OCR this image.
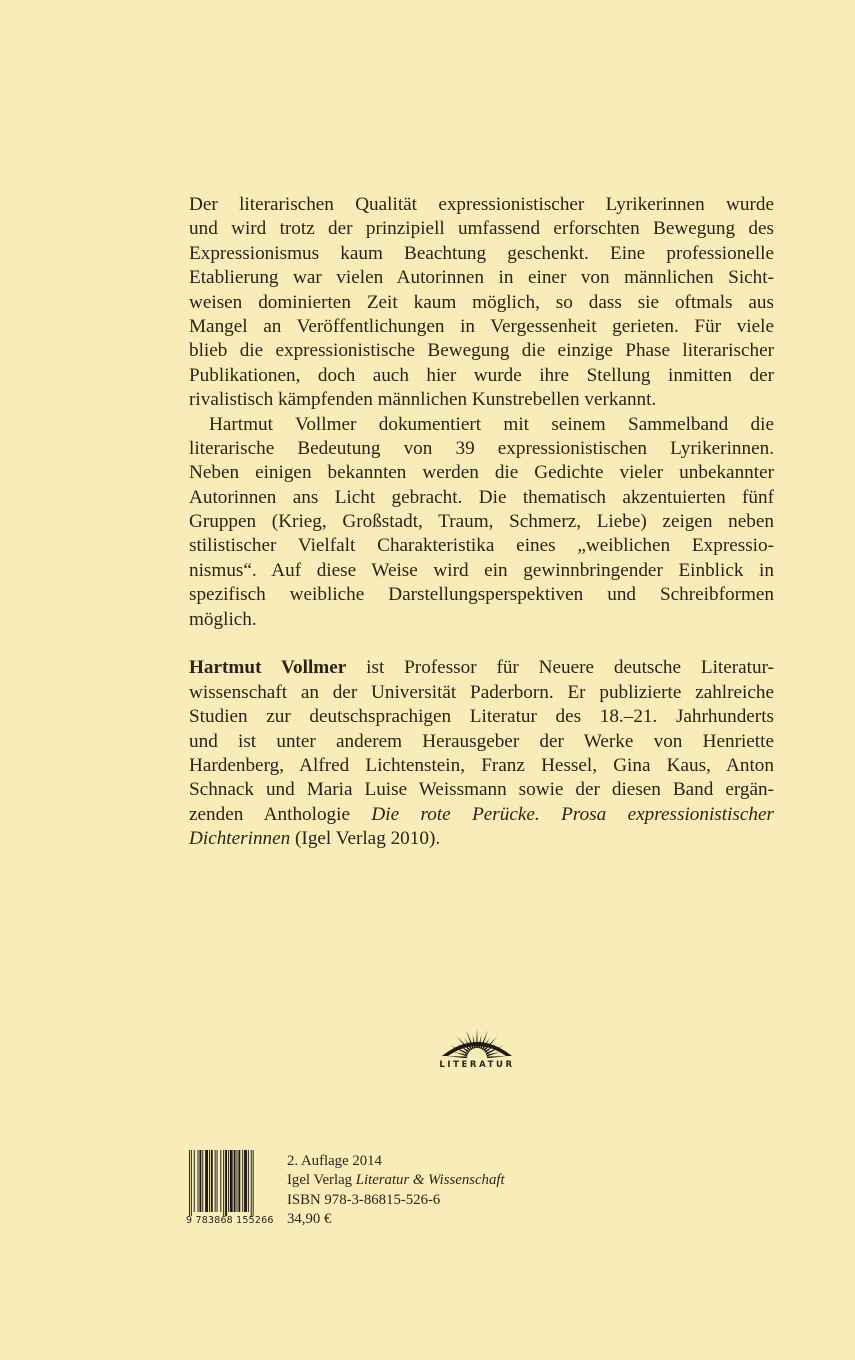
Der literarischen Qualität expressionistischer Lyrikerinnen wurde
und wird trotz der prinzipiell umfassend erforschten Bewegung des
Expressionismus kaum Beachtung geschenkt. Eine professionelle
Etablierung war vielen Autorinnen in einer von männlichen Sicht-
weisen dominierten Zeit kaum möglich, so dass sie oftmals aus
Mangel an Veröffentlichungen in Vergessenheit gerieten. Für viele
blieb die expressionistische Bewegung die einzige Phase literarischer
Publikationen, doch auch hier wurde ihre Stellung inmitten der
rivalistisch kämpfenden männlichen Kunstrebellen verkannt.
Hartmut Vollmer dokumentiert mit seinem Sammelband die
literarische Bedeutung von 39 expressionistischen Lyrikerinnen.
Neben einigen bekannten werden die Gedichte vieler unbekannter
Autorinnen ans Licht gebracht. Die thematisch akzentuierten fünf
Gruppen (Krieg, Großstadt, Traum, Schmerz, Liebe) zeigen neben
stilistischer Vielfalt Charakteristika eines „weiblichen Expressio-
nismus“. Auf diese Weise wird ein gewinnbringender Einblick in
spezifisch weibliche Darstellungsperspektiven und Schreibformen
möglich.
Hartmut Vollmer ist Professor für Neuere deutsche Literatur-
wissenschaft an der Universität Paderborn. Er publizierte zahlreiche
Studien zur deutschsprachigen Literatur des 18.–21. Jahrhunderts
und ist unter anderem Herausgeber der Werke von Henriette
Hardenberg, Alfred Lichtenstein, Franz Hessel, Gina Kaus, Anton
Schnack und Maria Luise Weissmann sowie der diesen Band ergän-
zenden Anthologie Die rote Perücke. Prosa expressionistischer
Dichterinnen (Igel Verlag 2010).
LITERATUR
9 783868 155266
2. Auflage 2014
Igel Verlag Literatur & Wissenschaft
ISBN 978-3-86815-526-6
34,90 €
